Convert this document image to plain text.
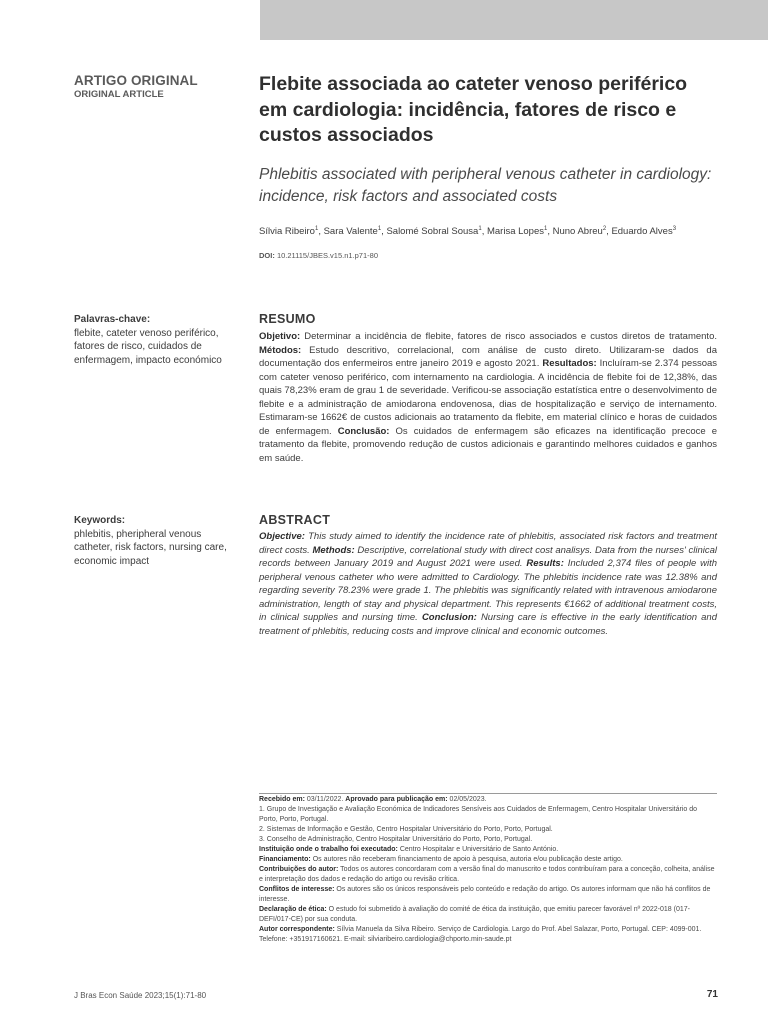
ARTIGO ORIGINAL
ORIGINAL ARTICLE	Flebite associada ao cateter venoso periférico em cardiologia: incidência, fatores de risco e custos associados

Phlebitis associated with peripheral venous catheter in cardiology: incidence, risk factors and associated costs

Sílvia Ribeiro$^1$, Sara Valente$^1$, Salomé Sobral Sousa$^1$, Marisa Lopes$^1$, Nuno Abreu$^2$, Eduardo Alves$^3$
DOI: 10.21115/JBES.v15.n1.p71-80
Palavras-chave:
flebite, cateter venoso periférico, fatores de risco, cuidados de enfermagem, impacto económico
Keywords:
phlebitis, pheripheral venous catheter, risk factors, nursing care, economic impact
RESUMO
Objetivo: Determinar a incidência de flebite, fatores de risco associados e custos diretos de tratamento. Métodos: Estudo descritivo, correlacional, com análise de custo direto. Utilizaram-se dados da documentação dos enfermeiros entre janeiro 2019 e agosto 2021. Resultados: Incluíram-se 2.374 pessoas com cateter venoso periférico, com internamento na cardiologia. A incidência de flebite foi de 12,38%, das quais 78,23% eram de grau 1 de severidade. Verificou-se associação estatística entre o desenvolvimento de flebite e a administração de amiodarona endovenosa, dias de hospitalização e serviço de internamento. Estimaram-se 1662€ de custos adicionais ao tratamento da flebite, em material clínico e horas de cuidados de enfermagem. Conclusão: Os cuidados de enfermagem são eficazes na identificação precoce e tratamento da flebite, promovendo redução de custos adicionais e garantindo melhores cuidados e ganhos em saúde.
ABSTRACT
Objective: This study aimed to identify the incidence rate of phlebitis, associated risk factors and treatment direct costs. Methods: Descriptive, correlational study with direct cost analisys. Data from the nurses' clinical records between January 2019 and August 2021 were used. Results: Included 2,374 files of people with peripheral venous catheter who were admitted to Cardiology. The phlebitis incidence rate was 12.38% and regarding severity 78.23% were grade 1. The phlebitis was significantly related with intravenous amiodarone administration, length of stay and physical department. This represents €1662 of additional treatment costs, in clinical supplies and nursing time. Conclusion: Nursing care is effective in the early identification and treatment of phlebitis, reducing costs and improve clinical and economic outcomes.
Recebido em: 03/11/2022. Aprovado para publicação em: 02/05/2023.
1. Grupo de Investigação e Avaliação Económica de Indicadores Sensíveis aos Cuidados de Enfermagem, Centro Hospitalar Universitário do Porto, Porto, Portugal.
2. Sistemas de Informação e Gestão, Centro Hospitalar Universitário do Porto, Porto, Portugal.
3. Conselho de Administração, Centro Hospitalar Universitário do Porto, Porto, Portugal.
Instituição onde o trabalho foi executado: Centro Hospitalar e Universitário de Santo António.
Financiamento: Os autores não receberam financiamento de apoio à pesquisa, autoria e/ou publicação deste artigo.
Contribuições do autor: Todos os autores concordaram com a versão final do manuscrito e todos contribuíram para a conceção, colheita, análise e interpretação dos dados e redação do artigo ou revisão crítica.
Conflitos de interesse: Os autores são os únicos responsáveis pelo conteúdo e redação do artigo. Os autores informam que não há conflitos de interesse.
Declaração de ética: O estudo foi submetido à avaliação do comité de ética da instituição, que emitiu parecer favorável nº 2022-018 (017-DEFI/017-CE) por sua conduta.
Autor correspondente: Sílvia Manuela da Silva Ribeiro. Serviço de Cardiologia. Largo do Prof. Abel Salazar, Porto, Portugal. CEP: 4099-001. Telefone: +351917160621. E-mail: silviaribeiro.cardiologia@chporto.min-saude.pt
J Bras Econ Saúde 2023;15(1):71-80	71
